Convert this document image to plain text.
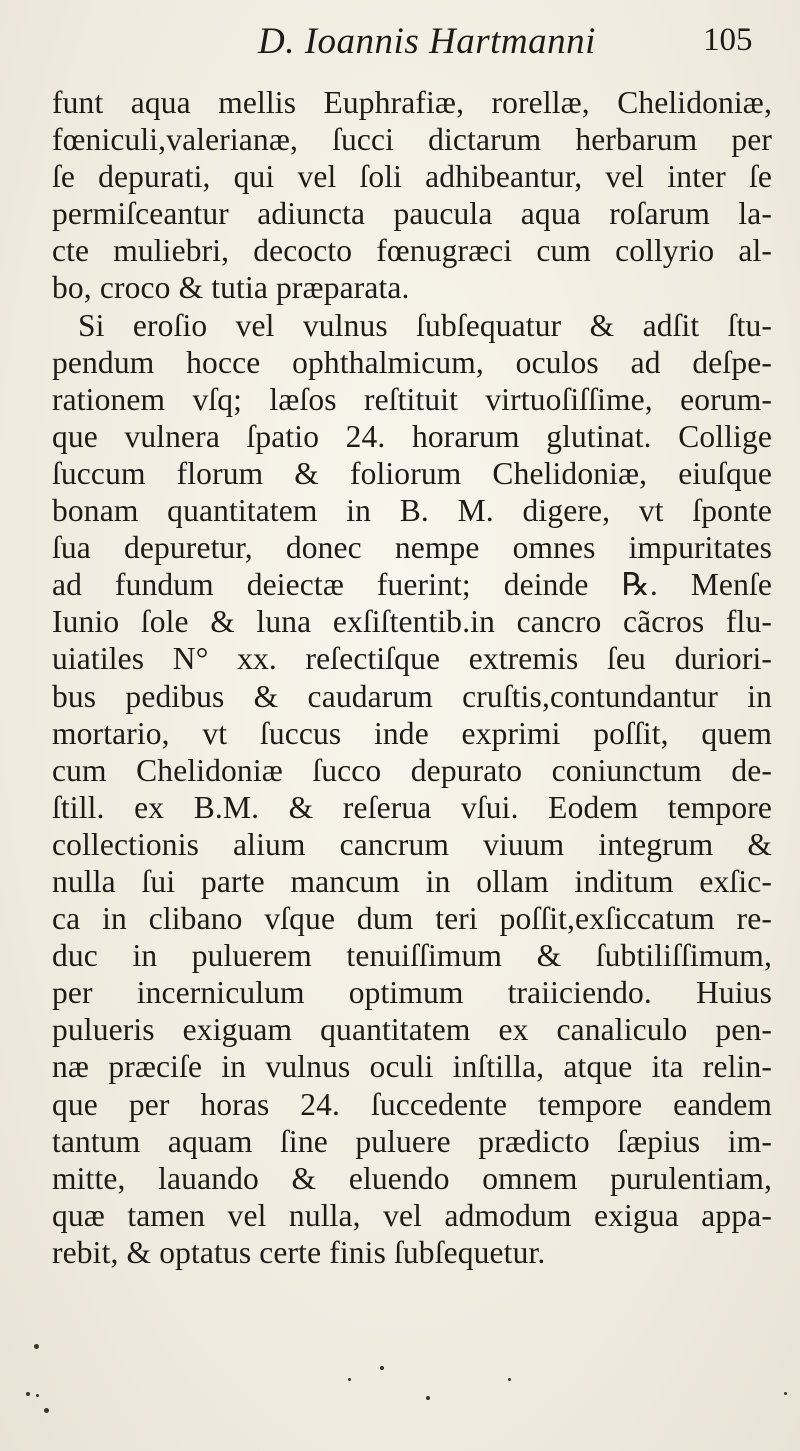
D. Ioannis Hartmanni	105
funt aqua mellis Euphrafiæ, rorellæ, Chelidoniæ,
fœniculi,valerianæ, ſucci dictarum herbarum per
ſe depurati, qui vel ſoli adhibeantur, vel inter ſe
permiſceantur adiuncta paucula aqua roſarum la-
cte muliebri, decocto fœnugræci cum collyrio al-
bo, croco & tutia præparata.
Si eroſio vel vulnus ſubſequatur & adſit ſtu-
pendum hocce ophthalmicum, oculos ad deſpe-
rationem vſq; læſos reſtituit virtuoſiſſime, eorum-
que vulnera ſpatio 24. horarum glutinat. Collige
ſuccum florum & foliorum Chelidoniæ, eiuſque
bonam quantitatem in B. M. digere, vt ſponte
ſua depuretur, donec nempe omnes impuritates
ad fundum deiectæ fuerint; deinde ℞. Menſe
Iunio ſole & luna exſiſtentib.in cancro cãcros flu-
uiatiles N° xx. reſectiſque extremis ſeu duriori-
bus pedibus & caudarum cruſtis,contundantur in
mortario, vt ſuccus inde exprimi poſſit, quem
cum Chelidoniæ ſucco depurato coniunctum de-
ſtill. ex B.M. & reſerua vſui. Eodem tempore
collectionis alium cancrum viuum integrum &
nulla ſui parte mancum in ollam inditum exſic-
ca in clibano vſque dum teri poſſit,exſiccatum re-
duc in puluerem tenuiſſimum & ſubtiliſſimum,
per incerniculum optimum traiiciendo. Huius
pulueris exiguam quantitatem ex canaliculo pen-
næ præciſe in vulnus oculi inſtilla, atque ita relin-
que per horas 24. ſuccedente tempore eandem
tantum aquam ſine puluere prædicto ſæpius im-
mitte, lauando & eluendo omnem purulentiam,
quæ tamen vel nulla, vel admodum exigua appa-
rebit, & optatus certe finis ſubſequetur.
